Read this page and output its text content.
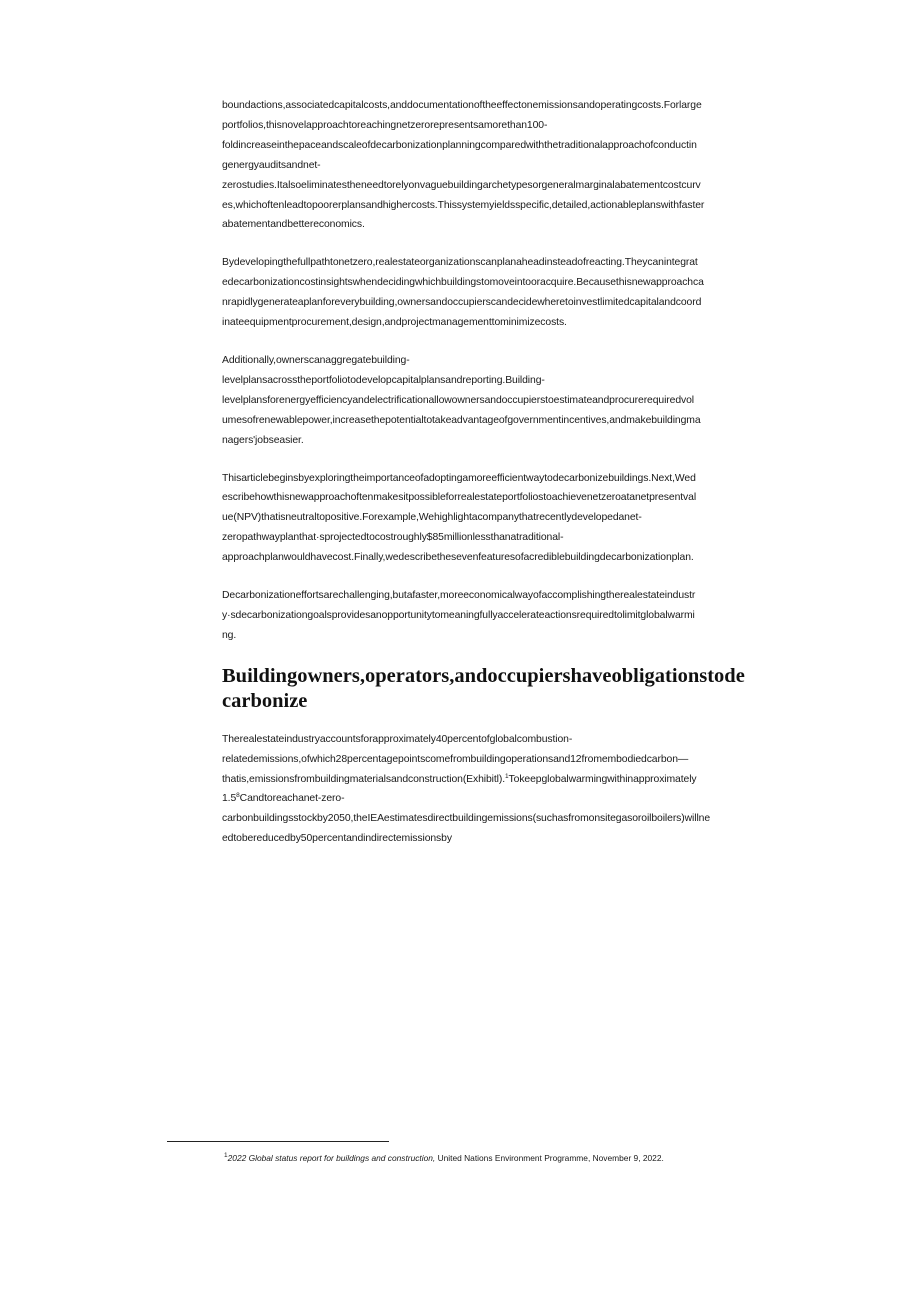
boundactions,associatedcapitalcosts,anddocumentationoftheeffectonemissionsandoperatingcosts.Forlarge
portfolios,thisnovelapproachtoreachingnetzerorepresentsamorethan100-
foldincreaseinthepaceandscaleofdecarbonizationplanningcomparedwiththetraditionalapproachofconductin
genergyauditsandnet-
zerostudies.Italsoeliminatestheneedtorelyonvaguebuildingarchetypesorgeneralmarginalabatementcostcurv
es,whichoftenleadtopoorerplansandhighercosts.Thissystemyieldsspecific,detailed,actionableplanswithfaster
abatementandbettereconomics.

Bydevelopingthefullpathtonetzero,realestateorganizationscanplanaheadinsteadofreacting.Theycanintegrat
edecarbonizationcostinsightswhendecidingwhichbuildingstomoveintooracquire.Becausethisnewapproachca
nrapidlygenerateaplanforeverybuilding,ownersandoccupierscandecidewheretoinvestlimitedcapitalandcoord
inateequipmentprocurement,design,andprojectmanagementtominimizecosts.

Additionally,ownerscanaggregatebuilding-
levelplansacrosstheportfoliotodevelopcapitalplansandreporting.Building-
levelplansforenergyefficiencyandelectrificationallowownersandoccupierstoestimateandprocurerequiredvol
umesofrenewablepower,increasethepotentialtotakeadvantageofgovernmentincentives,andmakebuildingma
nagers'jobseasier.

Thisarticlebeginsbyexploringtheimportanceofadoptingamoreefficientwaytodecarbonizebuildings.Next,Wed
escribehowthisnewapproachoftenmakesitpossibleforrealestateportfoliostoachievenetzeroatanetpresentval
ue(NPV)thatisneutraltopositive.Forexample,Wehighlightacompanythatrecentlydevelopedanet-
zeropathwayplanthat·sprojectedtocostroughly$85millionlessthanatraditional-
approachplanwouldhavecost.Finally,wedescribethesevenfeaturesofacrediblebuildingdecarbonizationplan.

Decarbonizationeffortsarechallenging,butafaster,moreeconomicalwayofaccomplishingtherealestateindustr
y·sdecarbonizationgoalsprovidesanopportunitytomeaningfullyaccelerateactionsrequiredtolimitglobalwarmi
ng.

Buildingowners,operators,andoccupiershaveobligationstode
carbonize

Therealestateindustryaccountsforapproximately40percentofglobalcombustion-
relatedemissions,ofwhich28percentagepointscomefrombuildingoperationsand12fromembodiedcarbon—
thatis,emissionsfrombuildingmaterialsandconstruction(Exhibitl).$^1$Tokeepglobalwarmingwithinapproximately
$1.5^8Candtoreachanet-zero-$
carbonbuildingsstockby2050,theIEAestimatesdirectbuildingemissions(suchasfromonsitegasoroilboilers)willne
edtobereducedby50percentandindirectemissionsby

$^1$2022 Global status report for buildings and construction, United Nations Environment Programme, November 9, 2022.
